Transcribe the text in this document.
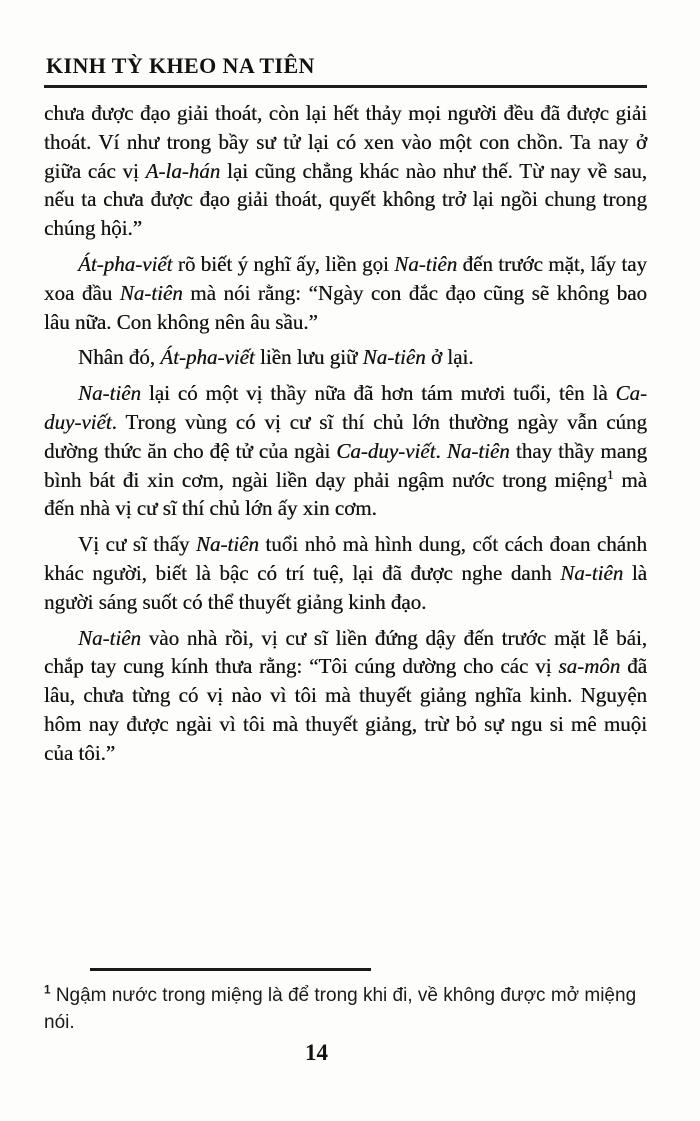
KINH TỲ KHEO NA TIÊN

chưa được đạo giải thoát, còn lại hết thảy mọi người đều đã được giải thoát. Ví như trong bầy sư tử lại có xen vào một con chồn. Ta nay ở giữa các vị A-la-hán lại cũng chẳng khác nào như thế. Từ nay về sau, nếu ta chưa được đạo giải thoát, quyết không trở lại ngồi chung trong chúng hội.”

Át-pha-viết rõ biết ý nghĩ ấy, liền gọi Na-tiên đến trước mặt, lấy tay xoa đầu Na-tiên mà nói rằng: “Ngày con đắc đạo cũng sẽ không bao lâu nữa. Con không nên âu sầu.”

Nhân đó, Át-pha-viết liền lưu giữ Na-tiên ở lại.

Na-tiên lại có một vị thầy nữa đã hơn tám mươi tuổi, tên là Ca-duy-viết. Trong vùng có vị cư sĩ thí chủ lớn thường ngày vẫn cúng dường thức ăn cho đệ tử của ngài Ca-duy-viết. Na-tiên thay thầy mang bình bát đi xin cơm, ngài liền dạy phải ngậm nước trong miệng$^1$ mà đến nhà vị cư sĩ thí chủ lớn ấy xin cơm.

Vị cư sĩ thấy Na-tiên tuổi nhỏ mà hình dung, cốt cách đoan chánh khác người, biết là bậc có trí tuệ, lại đã được nghe danh Na-tiên là người sáng suốt có thể thuyết giảng kinh đạo.

Na-tiên vào nhà rồi, vị cư sĩ liền đứng dậy đến trước mặt lễ bái, chắp tay cung kính thưa rằng: “Tôi cúng dường cho các vị sa-môn đã lâu, chưa từng có vị nào vì tôi mà thuyết giảng nghĩa kinh. Nguyện hôm nay được ngài vì tôi mà thuyết giảng, trừ bỏ sự ngu si mê muội của tôi.”

$^1$ Ngậm nước trong miệng là để trong khi đi, về không được mở miệng nói.
14
